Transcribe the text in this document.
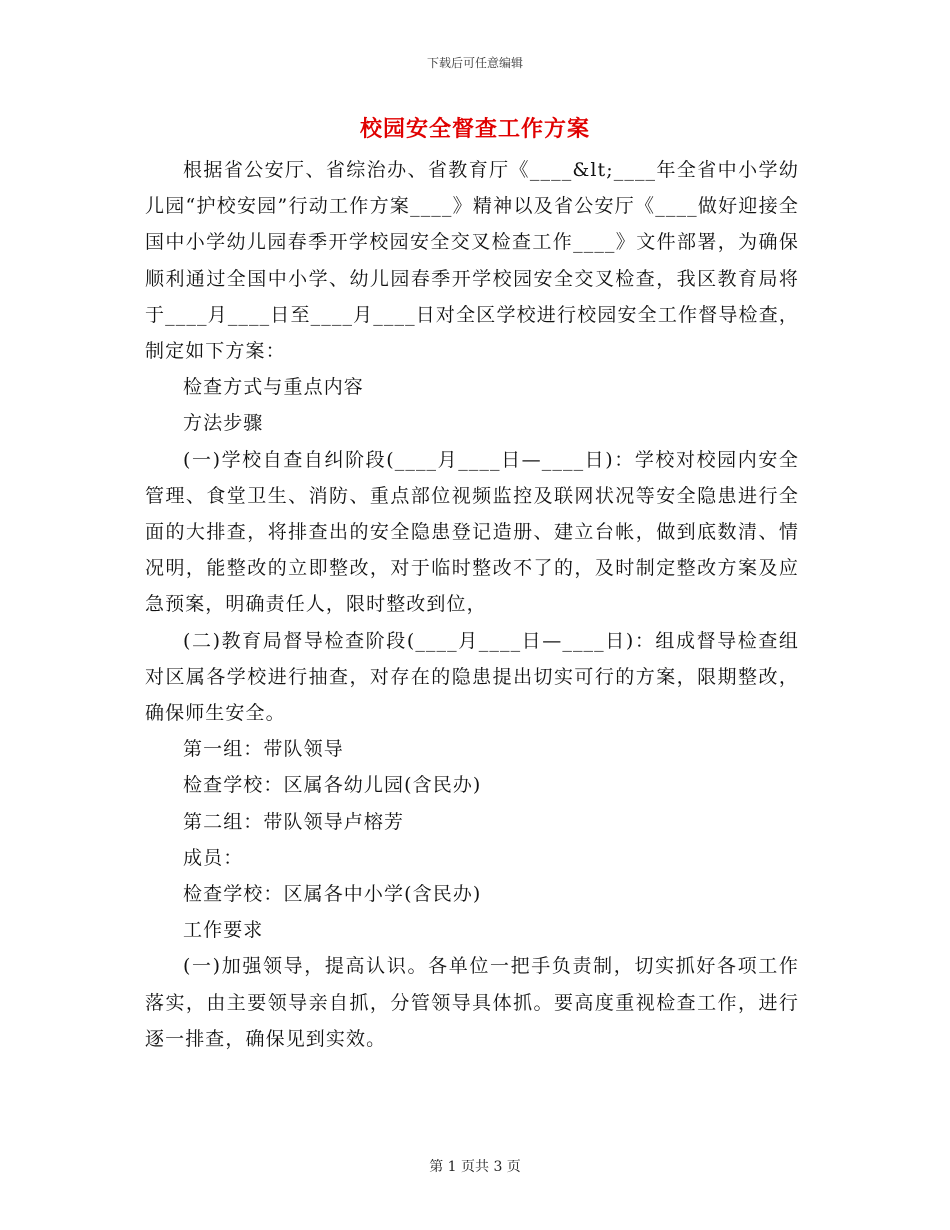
下载后可任意编辑
校园安全督查工作方案

根据省公安厅、省综治办、省教育厅《____&lt;____年全省中小学幼儿园“护校安园”行动工作方案____》精神以及省公安厅《____做好迎接全国中小学幼儿园春季开学校园安全交叉检查工作____》文件部署，为确保顺利通过全国中小学、幼儿园春季开学校园安全交叉检查，我区教育局将于____月____日至____月____日对全区学校进行校园安全工作督导检查，制定如下方案：

检查方式与重点内容

方法步骤

(一)学校自查自纠阶段(____月____日—____日)：学校对校园内安全管理、食堂卫生、消防、重点部位视频监控及联网状况等安全隐患进行全面的大排查，将排查出的安全隐患登记造册、建立台帐，做到底数清、情况明，能整改的立即整改，对于临时整改不了的，及时制定整改方案及应急预案，明确责任人，限时整改到位，

(二)教育局督导检查阶段(____月____日—____日)：组成督导检查组对区属各学校进行抽查，对存在的隐患提出切实可行的方案，限期整改，确保师生安全。

第一组：带队领导

检查学校：区属各幼儿园(含民办)

第二组：带队领导卢榕芳

成员：

检查学校：区属各中小学(含民办)

工作要求

(一)加强领导，提高认识。各单位一把手负责制，切实抓好各项工作落实，由主要领导亲自抓，分管领导具体抓。要高度重视检查工作，进行逐一排查，确保见到实效。

第 1 页共 3 页
